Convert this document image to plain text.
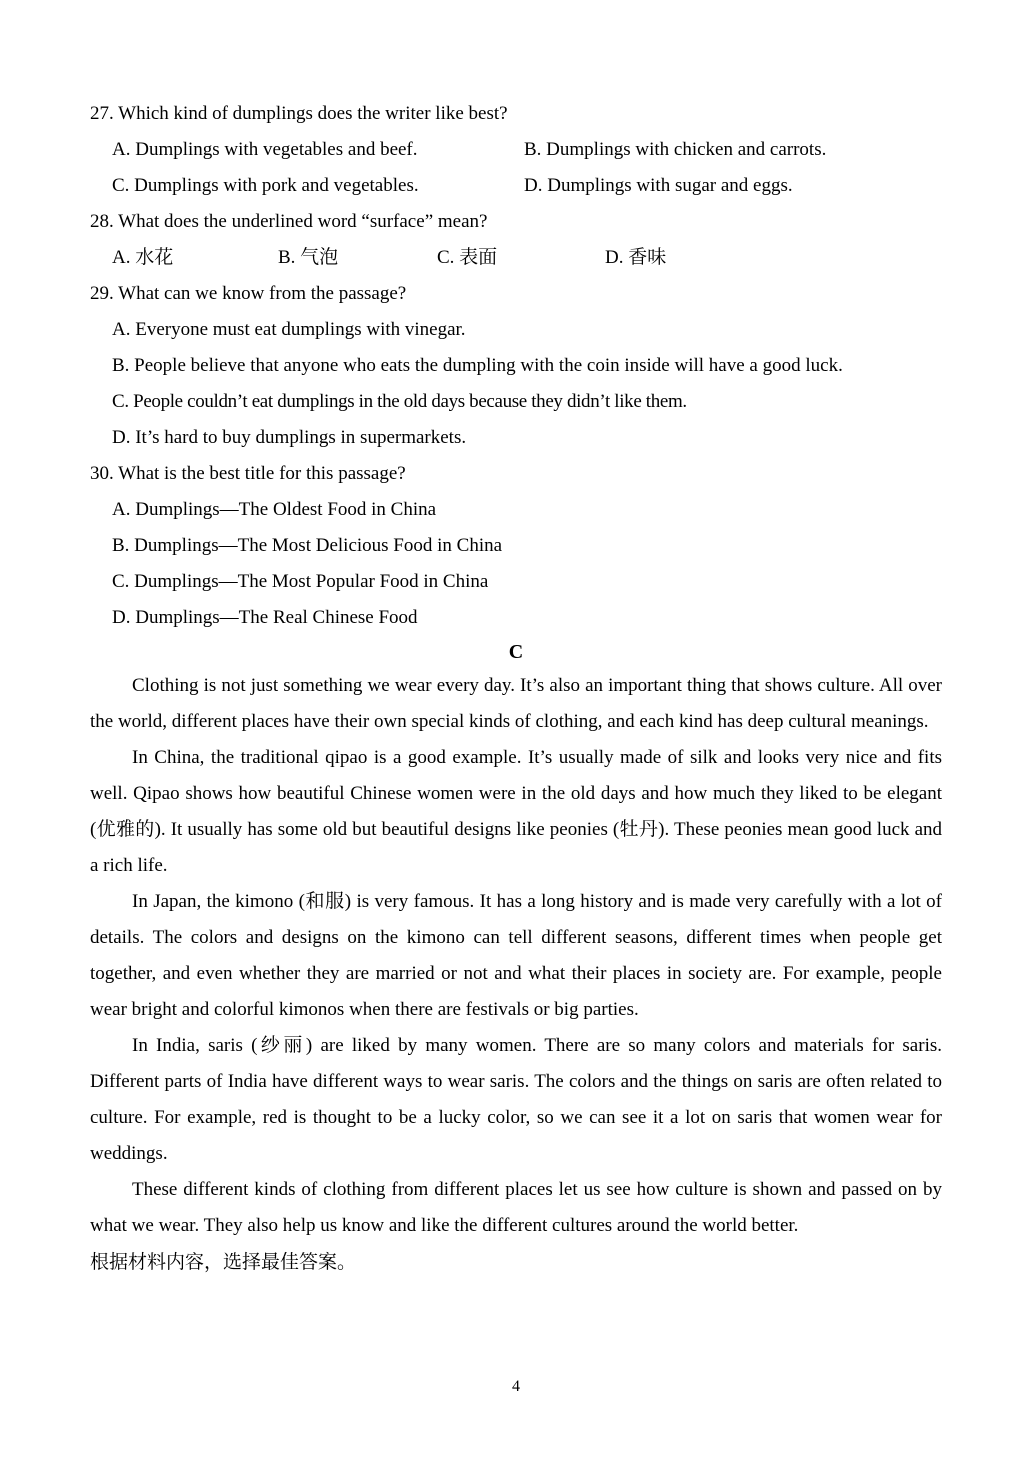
27. Which kind of dumplings does the writer like best?
A. Dumplings with vegetables and beef.	B. Dumplings with chicken and carrots.
C. Dumplings with pork and vegetables.	D. Dumplings with sugar and eggs.
28. What does the underlined word “surface” mean?
A. 水花	B. 气泡	C. 表面	D. 香味
29. What can we know from the passage?
A. Everyone must eat dumplings with vinegar.
B. People believe that anyone who eats the dumpling with the coin inside will have a good luck.
C. People couldn’t eat dumplings in the old days because they didn’t like them.
D. It’s hard to buy dumplings in supermarkets.
30. What is the best title for this passage?
A. Dumplings—The Oldest Food in China
B. Dumplings—The Most Delicious Food in China
C. Dumplings—The Most Popular Food in China
D. Dumplings—The Real Chinese Food
C

Clothing is not just something we wear every day. It’s also an important thing that shows culture. All over the world, different places have their own special kinds of clothing, and each kind has deep cultural meanings.

In China, the traditional qipao is a good example. It’s usually made of silk and looks very nice and fits well. Qipao shows how beautiful Chinese women were in the old days and how much they liked to be elegant (优雅的). It usually has some old but beautiful designs like peonies (牡丹). These peonies mean good luck and a rich life.

In Japan, the kimono (和服) is very famous. It has a long history and is made very carefully with a lot of details. The colors and designs on the kimono can tell different seasons, different times when people get together, and even whether they are married or not and what their places in society are. For example, people wear bright and colorful kimonos when there are festivals or big parties.

In India, saris (纱丽) are liked by many women. There are so many colors and materials for saris. Different parts of India have different ways to wear saris. The colors and the things on saris are often related to culture. For example, red is thought to be a lucky color, so we can see it a lot on saris that women wear for weddings.

These different kinds of clothing from different places let us see how culture is shown and passed on by what we wear. They also help us know and like the different cultures around the world better.

根据材料内容，选择最佳答案。

4
